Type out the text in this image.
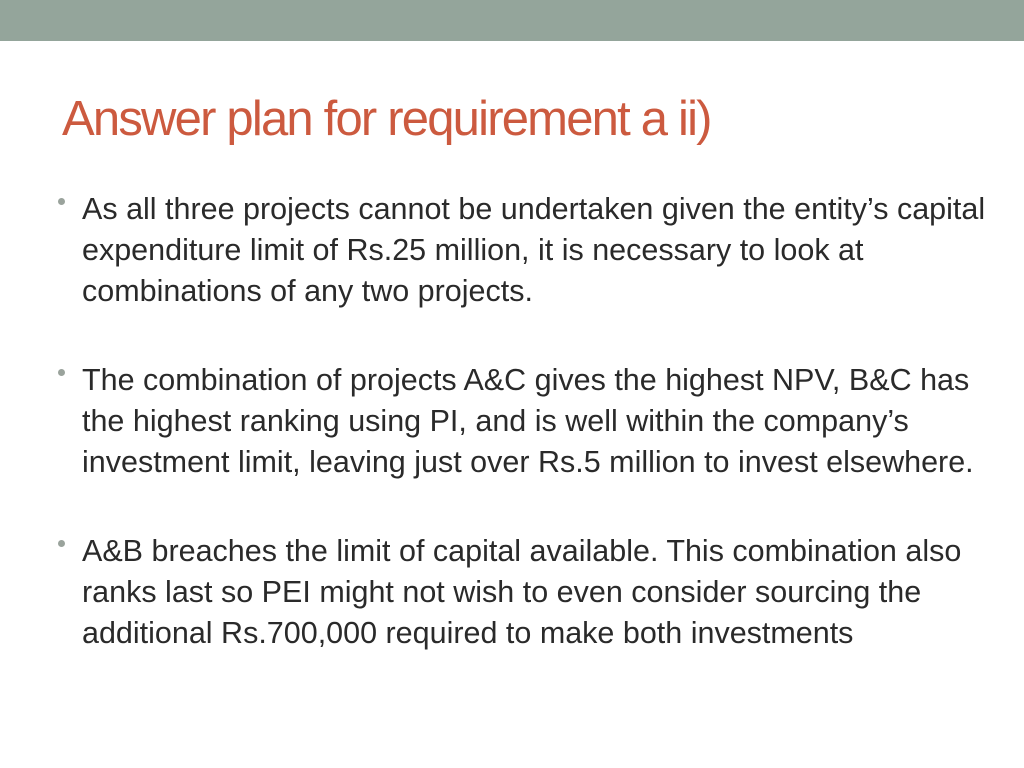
Answer plan for requirement a ii)
As all three projects cannot be undertaken given the entity’s capital expenditure limit of Rs.25 million, it is necessary to look at combinations of any two projects.
The combination of projects A&C gives the highest NPV, B&C has the highest ranking using PI, and is well within the company’s investment limit, leaving just over Rs.5 million to invest elsewhere.
A&B breaches the limit of capital available. This combination also ranks last so PEI might not wish to even consider sourcing the additional Rs.700,000 required to make both investments
